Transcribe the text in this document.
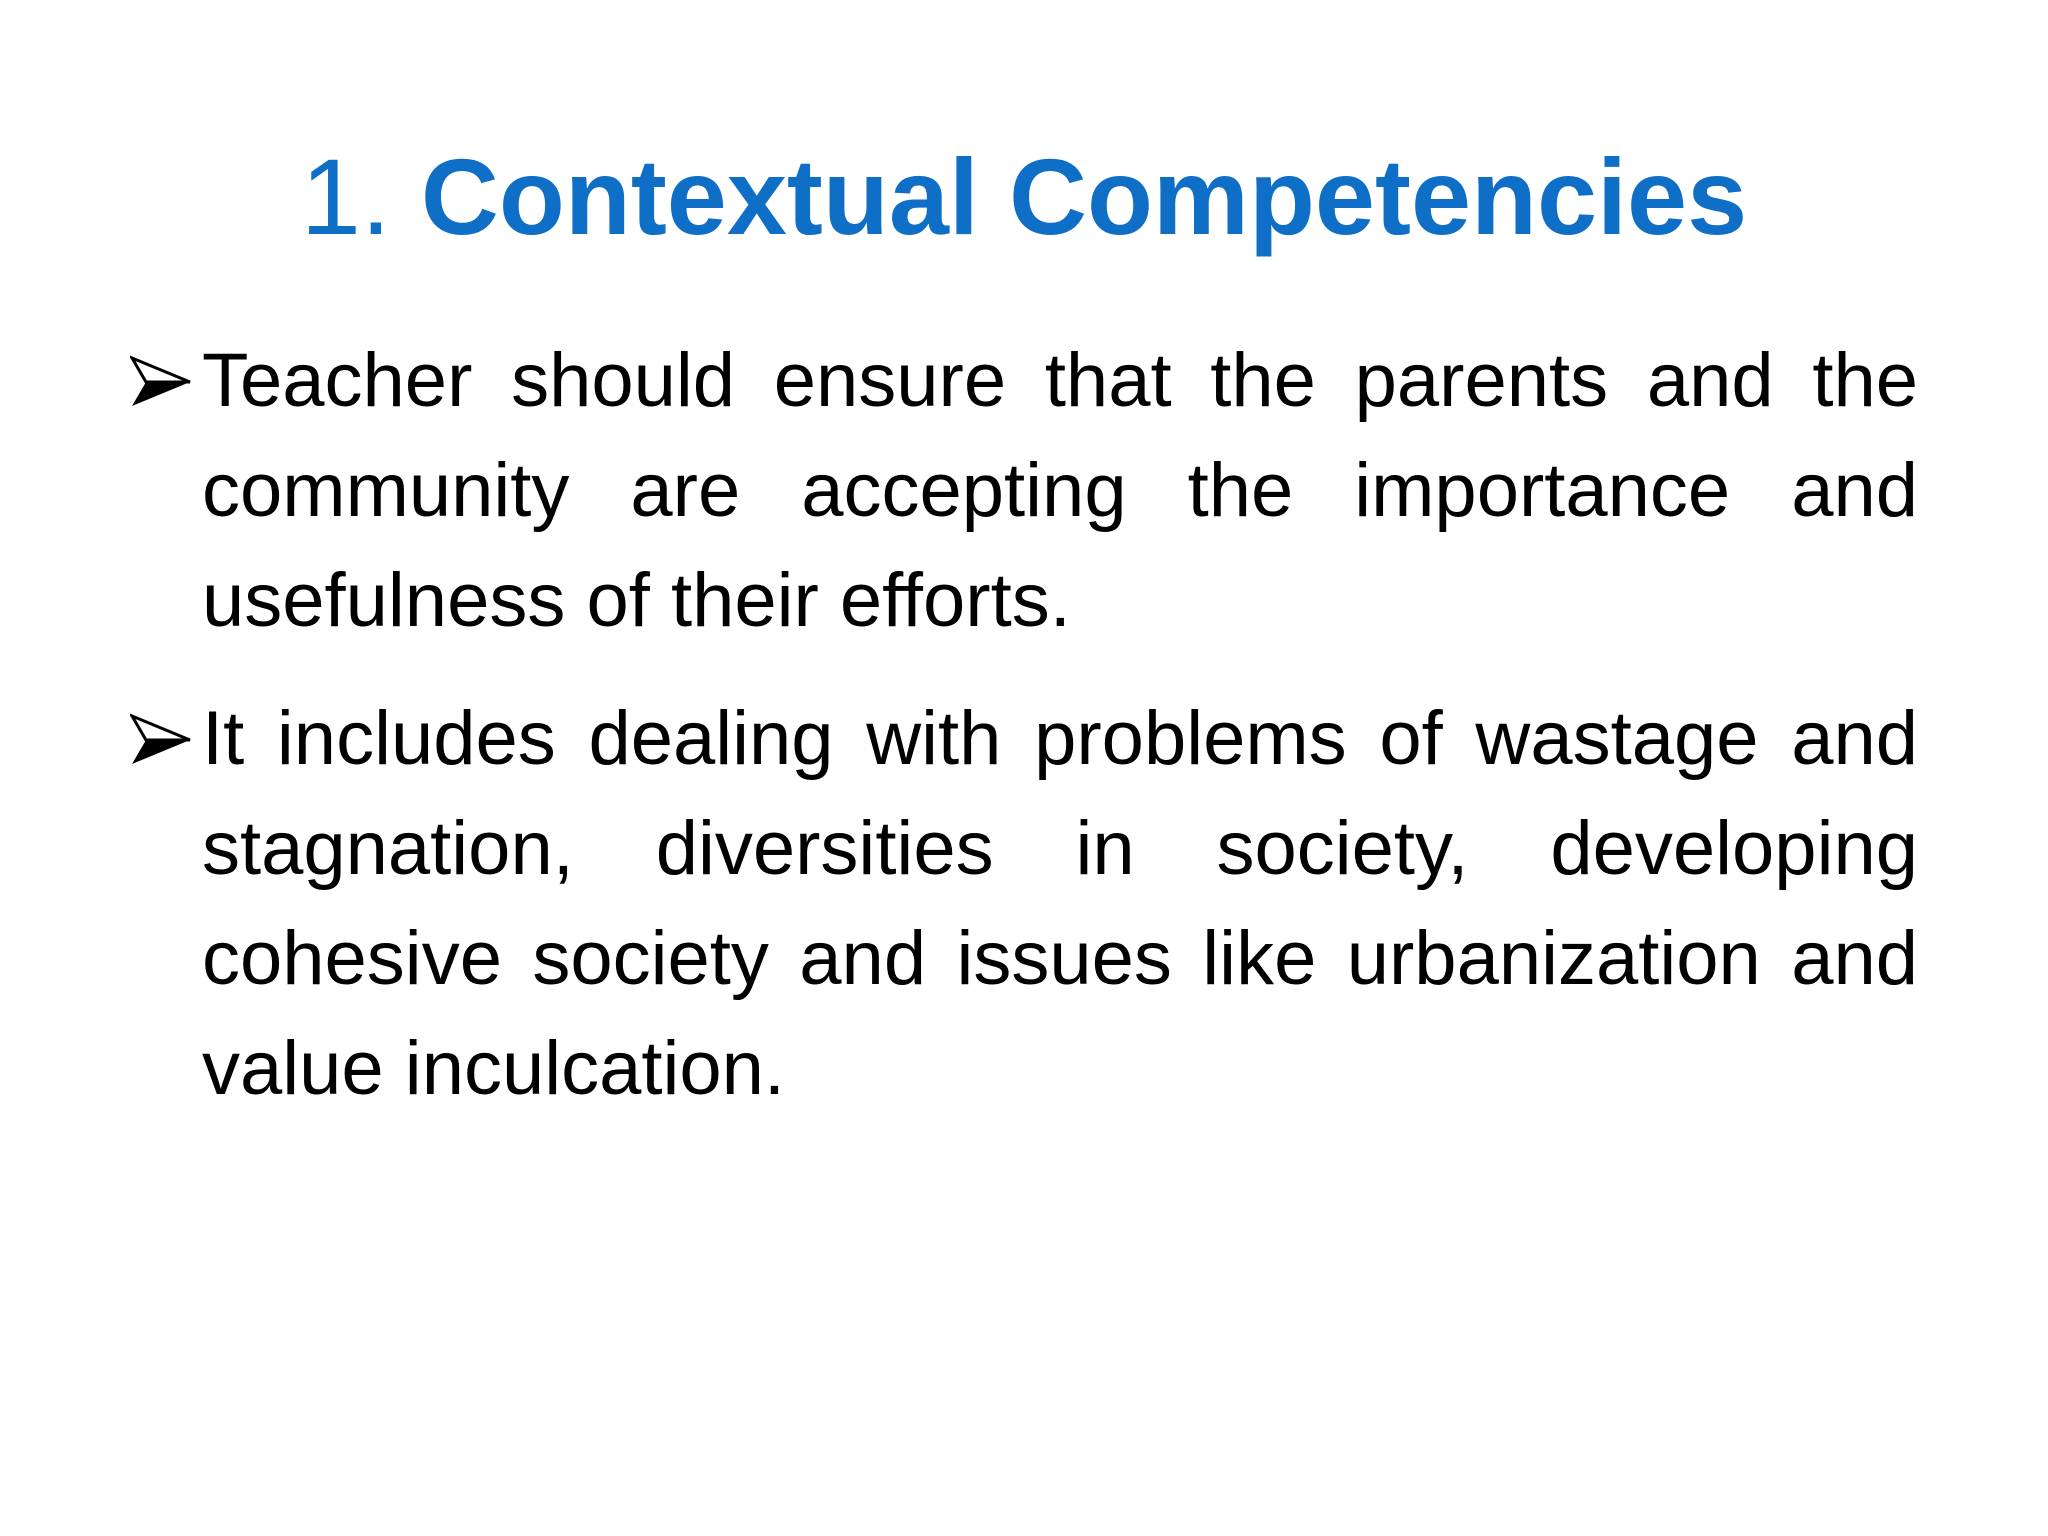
1. Contextual Competencies
Teacher should ensure that the parents and the community are accepting the importance and usefulness of their efforts.
It includes dealing with problems of wastage and stagnation, diversities in society, developing cohesive society and issues like urbanization and value inculcation.
